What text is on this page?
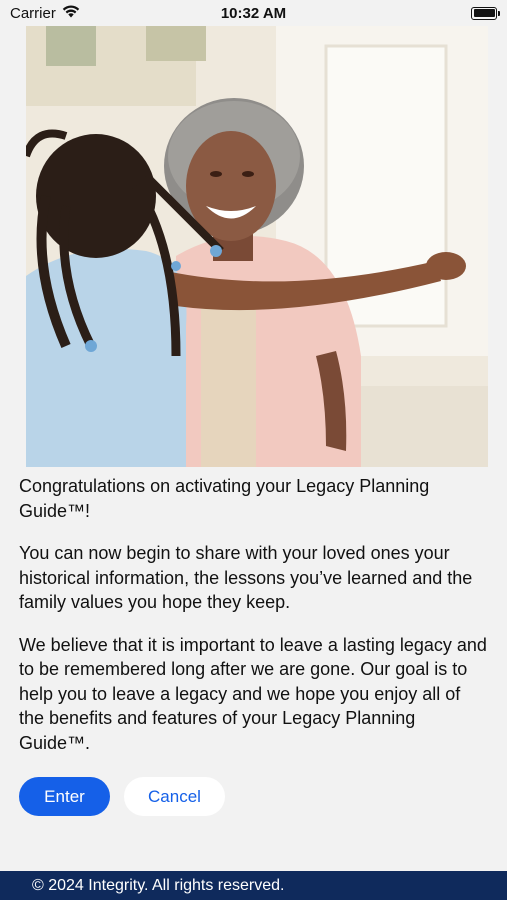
Carrier	10:32 AM

Congratulations on activating your Legacy Planning Guide™!

You can now begin to share with your loved ones your historical information, the lessons you’ve learned and the family values you hope they keep.

We believe that it is important to leave a lasting legacy and to be remembered long after we are gone. Our goal is to help you to leave a legacy and we hope you enjoy all of the benefits and features of your Legacy Planning Guide™.

Enter	Cancel
© 2024 Integrity. All rights reserved.
